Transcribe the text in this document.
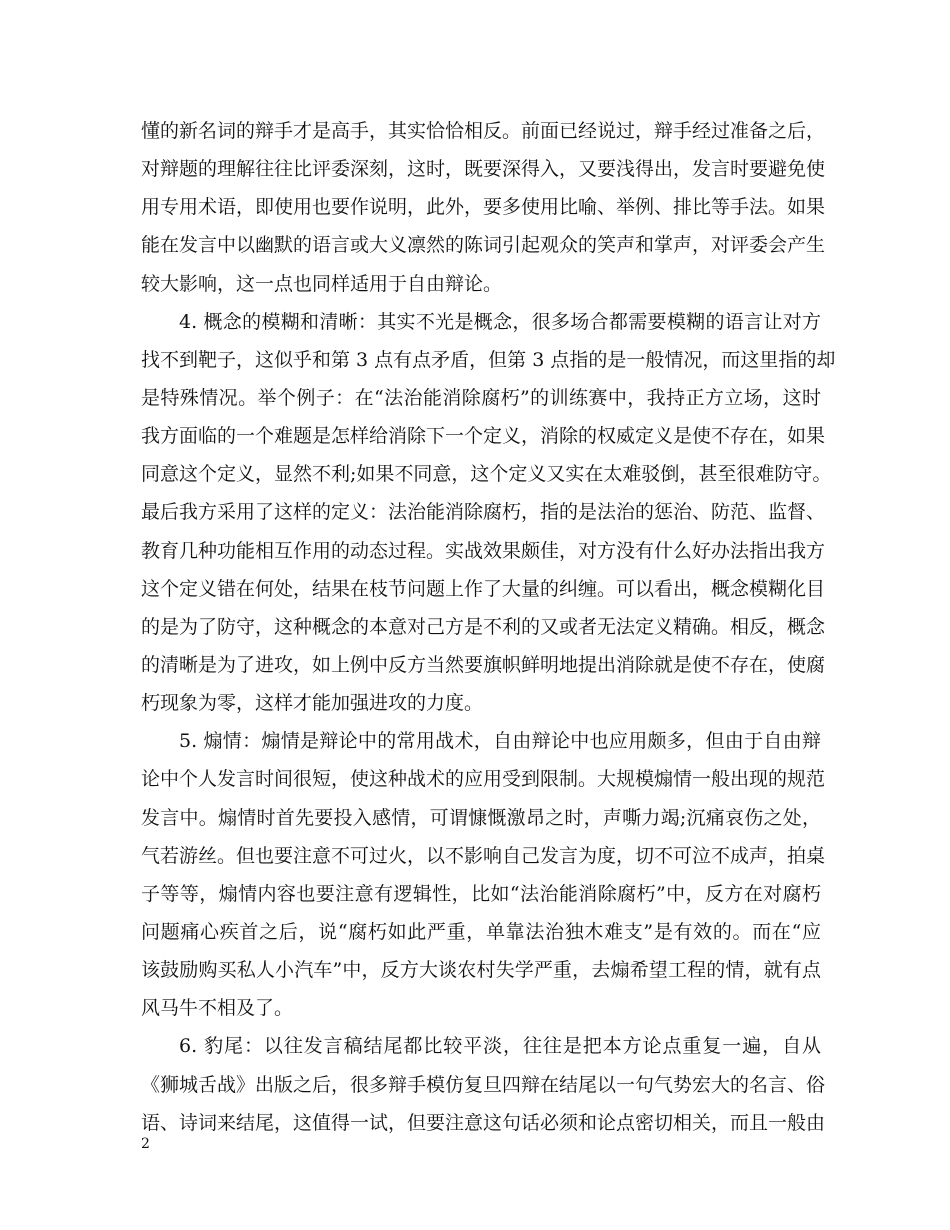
懂的新名词的辩手才是高手，其实恰恰相反。前面已经说过，辩手经过准备之后，
对辩题的理解往往比评委深刻，这时，既要深得入，又要浅得出，发言时要避免使
用专用术语，即使用也要作说明，此外，要多使用比喻、举例、排比等手法。如果
能在发言中以幽默的语言或大义凛然的陈词引起观众的笑声和掌声，对评委会产生
较大影响，这一点也同样适用于自由辩论。
4. 概念的模糊和清晰：其实不光是概念，很多场合都需要模糊的语言让对方
找不到靶子，这似乎和第 3 点有点矛盾，但第 3 点指的是一般情况，而这里指的却
是特殊情况。举个例子：在“法治能消除腐朽”的训练赛中，我持正方立场，这时
我方面临的一个难题是怎样给消除下一个定义，消除的权威定义是使不存在，如果
同意这个定义，显然不利;如果不同意，这个定义又实在太难驳倒，甚至很难防守。
最后我方采用了这样的定义：法治能消除腐朽，指的是法治的惩治、防范、监督、
教育几种功能相互作用的动态过程。实战效果颇佳，对方没有什么好办法指出我方
这个定义错在何处，结果在枝节问题上作了大量的纠缠。可以看出，概念模糊化目
的是为了防守，这种概念的本意对己方是不利的又或者无法定义精确。相反，概念
的清晰是为了进攻，如上例中反方当然要旗帜鲜明地提出消除就是使不存在，使腐
朽现象为零，这样才能加强进攻的力度。
5. 煽情：煽情是辩论中的常用战术，自由辩论中也应用颇多，但由于自由辩
论中个人发言时间很短，使这种战术的应用受到限制。大规模煽情一般出现的规范
发言中。煽情时首先要投入感情，可谓慷慨激昂之时，声嘶力竭;沉痛哀伤之处，
气若游丝。但也要注意不可过火，以不影响自己发言为度，切不可泣不成声，拍桌
子等等，煽情内容也要注意有逻辑性，比如“法治能消除腐朽”中，反方在对腐朽
问题痛心疾首之后，说“腐朽如此严重，单靠法治独木难支”是有效的。而在“应
该鼓励购买私人小汽车”中，反方大谈农村失学严重，去煽希望工程的情，就有点
风马牛不相及了。
6. 豹尾：以往发言稿结尾都比较平淡，往往是把本方论点重复一遍，自从
《狮城舌战》出版之后，很多辩手模仿复旦四辩在结尾以一句气势宏大的名言、俗
语、诗词来结尾，这值得一试，但要注意这句话必须和论点密切相关，而且一般由
2
